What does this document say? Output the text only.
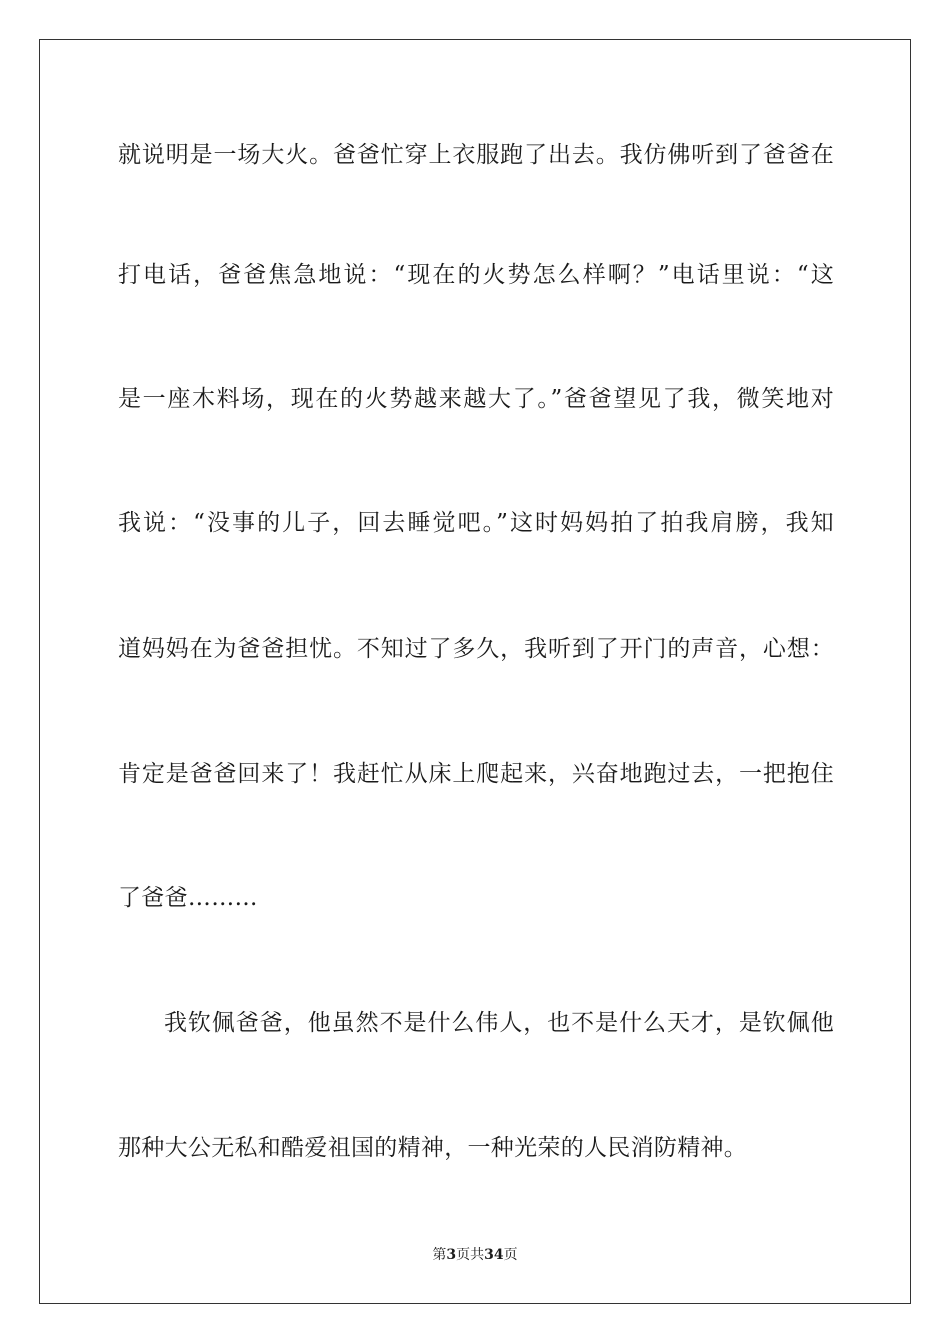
就说明是一场大火。爸爸忙穿上衣服跑了出去。我仿佛听到了爸爸在
打电话，爸爸焦急地说：“现在的火势怎么样啊？”电话里说：“这
是一座木料场，现在的火势越来越大了。”爸爸望见了我，微笑地对
我说：“没事的儿子，回去睡觉吧。”这时妈妈拍了拍我肩膀，我知
道妈妈在为爸爸担忧。不知过了多久，我听到了开门的声音，心想：
肯定是爸爸回来了！我赶忙从床上爬起来，兴奋地跑过去，一把抱住
了爸爸………
我钦佩爸爸，他虽然不是什么伟人，也不是什么天才，是钦佩他
那种大公无私和酷爱祖国的精神，一种光荣的人民消防精神。
第3页共34页
